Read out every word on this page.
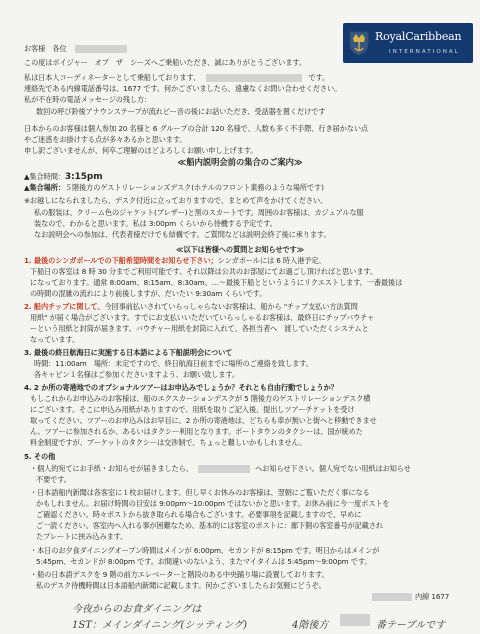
RoyalCaribbean
INTERNATIONAL
お客様　各位
この度はボイジャー　オブ　ザ　シーズへご乗船いただき、誠にありがとうございます。
私は日本人コーディネーターとして乗船しております、	です。
連絡先である内線電話番号は、1677 です。何かございましたら、遠慮なくお問い合わせください。
私が不在時の電話メッセージの残し方：
数回の呼び鈴後アナウンステープが流れピー音の後にお話いただき、受話器を置くだけです
日本からのお客様は個人参加 20 名様と 6 グループの合計 120 名様で、人数も多く不手際、行き届かない点
やご迷惑をお掛けする点が多々あるかと思います。
申し訳ございませんが、何卒ご理解のほどよろしくお願い申し上げます。
≪船内説明会前の集合のご案内≫
▲集合時間：3:15pm
▲集合場所：５階後方のゲストリレーションズデスク(ホテルのフロント業務のような場所です)
※お越しになられましたら、デスク付近に立っておりますので、まとめて声をかけてください。
私の服装は、クリーム色のジャケット(ブレザー)と黒のスカートです。周囲のお客様は、カジュアルな服
装なので、わかると思います。私は 3:00pm くらいから待機する予定です。
なお説明会への参加は、代表者様だけでも結構です。ご質問などは説明会終了後に承ります。
≪以下は皆様への質問とお知らせです≫
1. 最後のシンガポールでの下船希望時間をお知らせ下さい；シンガポールには 6 時入港予定。
下船日の客室は 8 時 30 分までご利用可能です。それ以降は公共のお部屋にてお過ごし頂ければと思います。
になっております。通常 8:00am、8:15am、8:30am、…～最後下船とというようにリクエストします。一番最後は
の時間の混雑の流れにより前後しますが、だいたい 9:30am くらいです。
2. 船内チップに関して、今回事前払いされていらっしゃらないお客様は、船から "チップ支払い方法質問
用紙" が届く場合がございます。すでにお支払いいただいていらっしゃるお客様は、最終日にチップバウチャ
ーという用紙と封筒が届きます。バウチャー用紙を封筒に入れて、各担当者へ　渡していただくシステムと
なっています。
3. 最後の終日航海日に実施する日本語による下船説明会について
時間：11:00am　場所：未定ですので、終日航海日前までに場所のご連絡を致します。
各キャビン１名様はご参加くださいますよう、お願い致します。
4. 2 か所の寄港地でのオプショナルツアーはお申込みでしょうか？それとも自由行動でしょうか？
もしこれからお申込みのお客様は、船のエクスカーションデスクが 5 階後方のゲストリレーションデスク横
にございます。そこに申込み用紙がありますので、用紙を取りご記入後、提出しツアーチケットを受け
取ってください。ツアーのお申込みはお早目に。2 か所の寄港地は、どちらも車が無いと街へと移動できませ
ん。ツアーに参加されるか、あるいはタクシー利用となります。ポートタウンのタクシーは、国が統めた
料金制度ですが、ブーケットのタクシーは交渉制で、ちょっと難しいかもしれません。
5. その他
・個人的宛てにお手紙・お知らせが届きましたら、	へお知らせ下さい。個人宛でない用紙はお知らせ
不要です。
・日本語船内新聞は各客室に１枚お届けします。但し早くお休みのお客様は、翌朝にご覧いただく事になる
かもしれません。お届け時間の目安は 9:00pm～10:00pm ではないかと思います。お休み前に今一度ポストを
ご確認ください。時々ポストから抜き取られる場合もございます。必要事項を記載しますので、早めに
ご一読ください。客室内へ入れる事が困難なため、基本的には客室のポストに：廊下側の客室番号が記載され
たプレートに挟み込みます。
・本日のお夕食ダイニングオープン時間はメインが 6:00pm、セカンドが 8:15pm です。明日からはメインが
5:45pm、セカンドが 8:00pm です。お間違いのないよう、またマイタイムは 5:45pm～9:00pm です。
・船の日本語デスクを 9 階の前方エレベーターと階段のある中央踊り場に設置しております。
私のデスク待機時間は日本語船内新聞に記載します。何かございましたらお気軽にどうぞ。
内線 1677
今夜からのお食ダイニングは
1ST：メインダイニング(シッティング)	4階後方	番テーブルです
